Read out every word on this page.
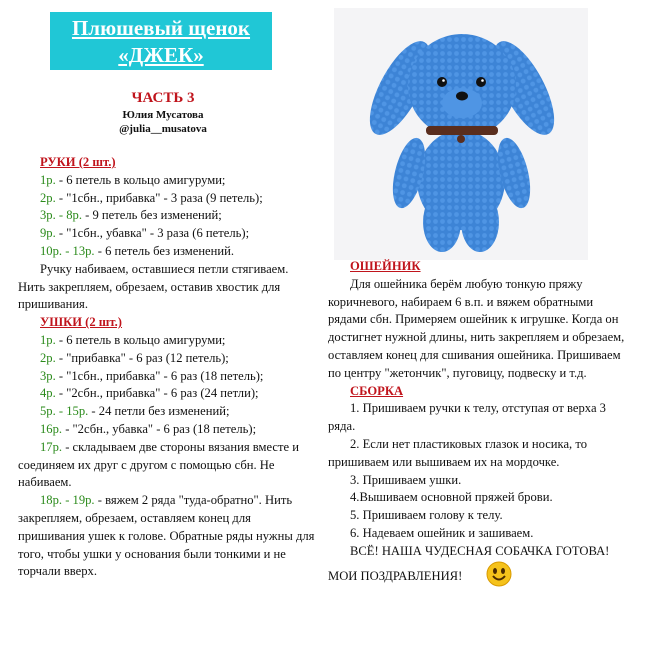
Плюшевый щенок
«ДЖЕК»
ЧАСТЬ 3
Юлия Мусатова
@julia__musatova

РУКИ (2 шт.)

1р. - 6 петель в кольцо амигуруми;

2р. - "1сбн., прибавка" - 3 раза (9 петель);

3р. - 8р. - 9 петель без изменений;

9р. - "1сбн., убавка" - 3 раза (6 петель);

10р. - 13р. - 6 петель без изменений.

Ручку набиваем, оставшиеся петли стягиваем. Нить закрепляем, обрезаем, оставив хвостик для пришивания.

УШКИ (2 шт.)

1р. - 6 петель в кольцо амигуруми;

2р. - "прибавка" - 6 раз (12 петель);

3р. - "1сбн., прибавка" - 6 раз (18 петель);

4р. - "2сбн., прибавка" - 6 раз (24 петли);

5р. - 15р. - 24 петли без изменений;

16р. - "2сбн., убавка" - 6 раз (18 петель);

17р. - складываем две стороны вязания вместе и соединяем их друг с другом с помощью сбн. Не набиваем.

18р. - 19р. - вяжем 2 ряда "туда-обратно". Нить закрепляем, обрезаем, оставляем конец для пришивания ушек к голове. Обратные ряды нужны для того, чтобы ушки у основания были тонкими и не торчали вверх.

ОШЕЙНИК

Для ошейника берём любую тонкую пряжу коричневого, набираем 6 в.п. и вяжем обратными рядами сбн. Примеряем ошейник к игрушке. Когда он достигнет нужной длины, нить закрепляем и обрезаем, оставляем конец для сшивания ошейника. Пришиваем по центру "жетончик", пуговицу, подвеску и т.д.

СБОРКА

1. Пришиваем ручки к телу, отступая от верха 3 ряда.

2. Если нет пластиковых глазок и носика, то пришиваем или вышиваем их на мордочке.

3. Пришиваем ушки.

4.Вышиваем основной пряжей брови.

5. Пришиваем голову к телу.

6. Надеваем ошейник и зашиваем.

ВСЁ! НАША ЧУДЕСНАЯ СОБАЧКА ГОТОВА! МОИ ПОЗДРАВЛЕНИЯ!
